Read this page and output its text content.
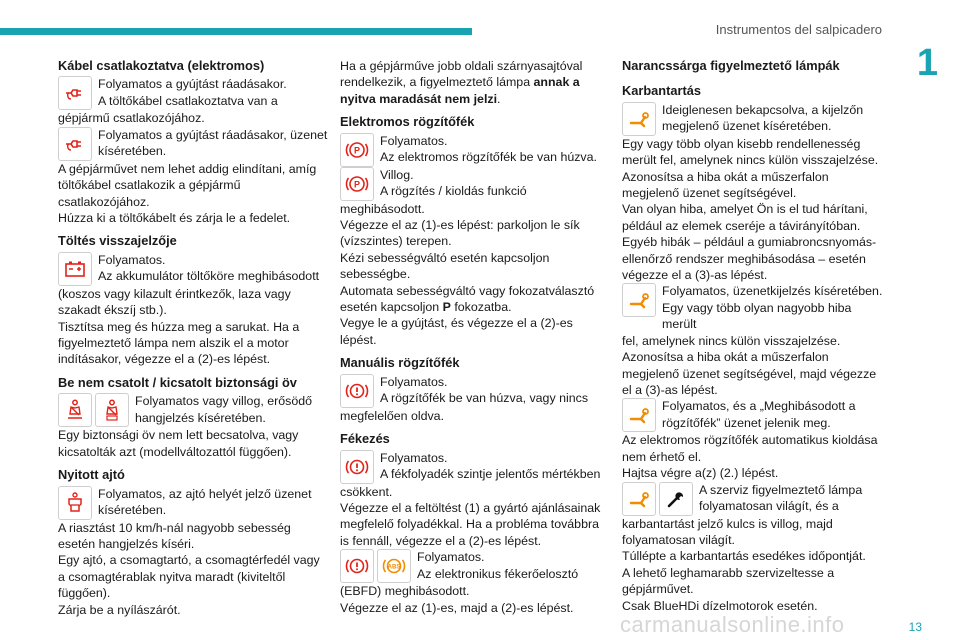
Instrumentos del salpicadero
1
Kábel csatlakoztatva (elektromos)
Folyamatos a gyújtást ráadásakor.
A töltőkábel csatlakoztatva van a
gépjármű csatlakozójához.
Folyamatos a gyújtást ráadásakor, üzenet kíséretében.
A gépjárművet nem lehet addig elindítani, amíg töltőkábel csatlakozik a gépjármű csatlakozójához.
Húzza ki a töltőkábelt és zárja le a fedelet.
Töltés visszajelzője
Folyamatos.
Az akkumulátor töltőköre meghibásodott
(koszos vagy kilazult érintkezők, laza vagy szakadt ékszíj stb.).
Tisztítsa meg és húzza meg a sarukat. Ha a figyelmeztető lámpa nem alszik el a motor indításakor, végezze el a (2)-es lépést.
Be nem csatolt / kicsatolt biztonsági öv
Folyamatos vagy villog, erősödő hangjelzés kíséretében.
Egy biztonsági öv nem lett becsatolva, vagy kicsatolták azt (modellváltozattól függően).
Nyitott ajtó
Folyamatos, az ajtó helyét jelző üzenet kíséretében.
A riasztást 10 km/h-nál nagyobb sebesség esetén hangjelzés kíséri.
Egy ajtó, a csomagtartó, a csomagtérfedél vagy a csomagtérablak nyitva maradt (kiviteltől függően).
Zárja be a nyílászárót.
Ha a gépjárműve jobb oldali szárnyasajtóval rendelkezik, a figyelmeztető lámpa annak a nyitva maradását nem jelzi.
Elektromos rögzítőfék
P
Folyamatos.
Az elektromos rögzítőfék be van húzva.
P
Villog.
A rögzítés / kioldás funkció
meghibásodott.
Végezze el az (1)-es lépést: parkoljon le sík (vízszintes) terepen.
Kézi sebességváltó esetén kapcsoljon sebességbe.
Automata sebességváltó vagy fokozatválasztó esetén kapcsoljon P fokozatba.
Vegye le a gyújtást, és végezze el a (2)-es lépést.
Manuális rögzítőfék
Folyamatos.
A rögzítőfék be van húzva, vagy nincs
megfelelően oldva.
Fékezés
Folyamatos.
A fékfolyadék szintje jelentős mértékben
csökkent.
Végezze el a feltöltést (1) a gyártó ajánlásainak megfelelő folyadékkal. Ha a probléma továbbra is fennáll, végezze el a (2)-es lépést.
ABS
Folyamatos.
Az elektronikus fékerőelosztó
(EBFD) meghibásodott.
Végezze el az (1)-es, majd a (2)-es lépést.
Narancssárga figyelmeztető lámpák
Karbantartás
Ideiglenesen bekapcsolva, a kijelzőn megjelenő üzenet kíséretében.
Egy vagy több olyan kisebb rendellenesség merült fel, amelynek nincs külön visszajelzése.
Azonosítsa a hiba okát a műszerfalon megjelenő üzenet segítségével.
Van olyan hiba, amelyet Ön is el tud hárítani, például az elemek cseréje a távirányítóban.
Egyéb hibák – például a gumiabroncsnyomás-ellenőrző rendszer meghibásodása – esetén végezze el a (3)-as lépést.
Folyamatos, üzenetkijelzés kíséretében.
Egy vagy több olyan nagyobb hiba merült
fel, amelynek nincs külön visszajelzése.
Azonosítsa a hiba okát a műszerfalon megjelenő üzenet segítségével, majd végezze el a (3)-as lépést.
Folyamatos, és a „Meghibásodott a rögzítőfék” üzenet jelenik meg.
Az elektromos rögzítőfék automatikus kioldása nem érhető el.
Hajtsa végre a(z) (2.) lépést.
A szerviz figyelmeztető lámpa folyamatosan világít, és a
karbantartást jelző kulcs is villog, majd folyamatosan világít.
Túllépte a karbantartás esedékes időpontját.
A lehető leghamarabb szervizeltesse a gépjárművet.
Csak BlueHDi dízelmotorok esetén.
carmanualsonline.info	13
